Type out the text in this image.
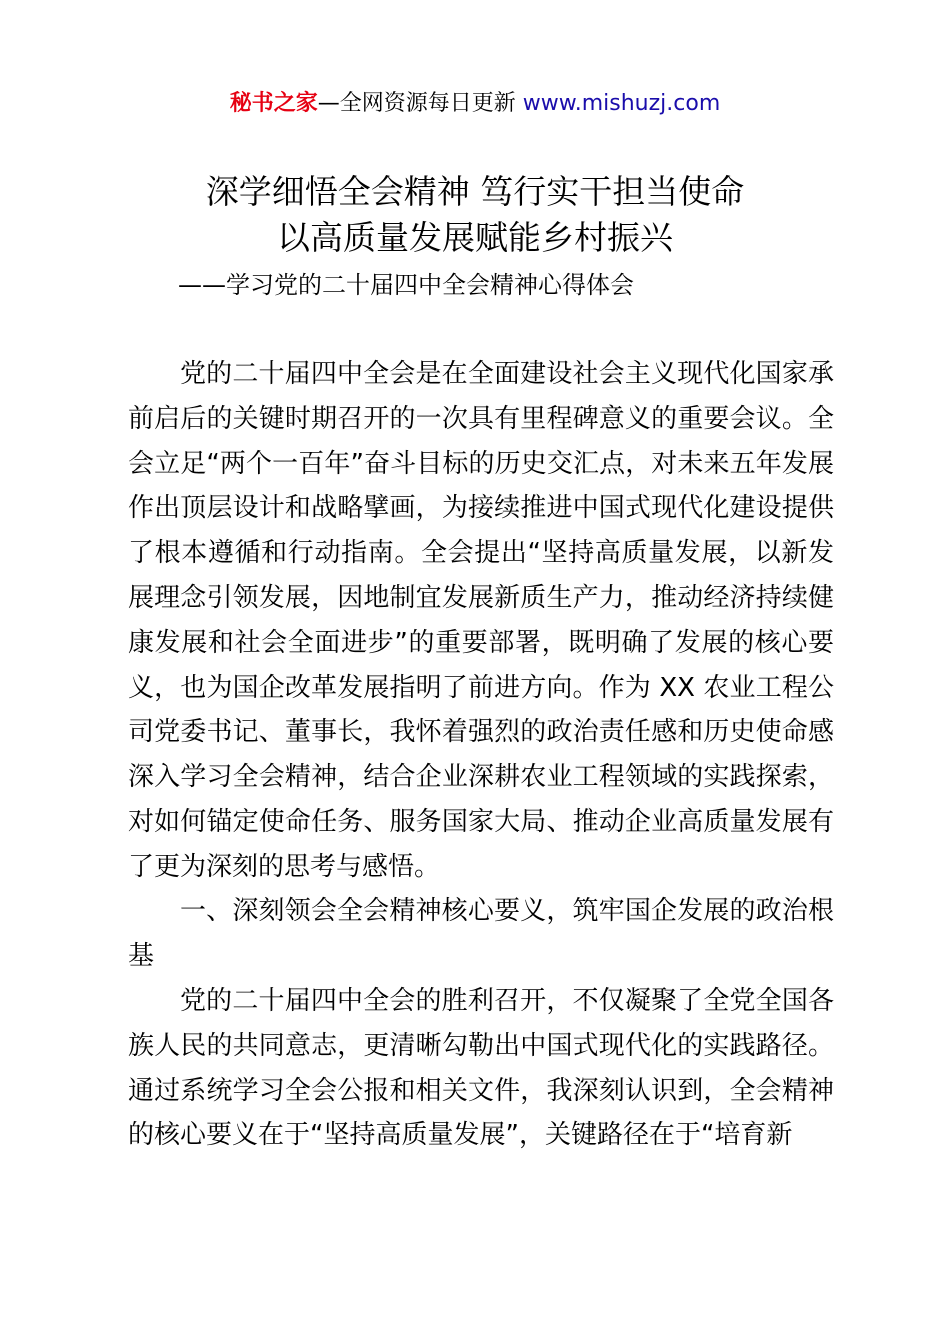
秘书之家—全网资源每日更新 www.mishuzj.com
深学细悟全会精神 笃行实干担当使命
以高质量发展赋能乡村振兴
——学习党的二十届四中全会精神心得体会

党的二十届四中全会是在全面建设社会主义现代化国家承前启后的关键时期召开的一次具有里程碑意义的重要会议。全会立足“两个一百年”奋斗目标的历史交汇点，对未来五年发展作出顶层设计和战略擘画，为接续推进中国式现代化建设提供了根本遵循和行动指南。全会提出“坚持高质量发展，以新发展理念引领发展，因地制宜发展新质生产力，推动经济持续健康发展和社会全面进步”的重要部署，既明确了发展的核心要义，也为国企改革发展指明了前进方向。作为 XX 农业工程公司党委书记、董事长，我怀着强烈的政治责任感和历史使命感深入学习全会精神，结合企业深耕农业工程领域的实践探索，对如何锚定使命任务、服务国家大局、推动企业高质量发展有了更为深刻的思考与感悟。

一、深刻领会全会精神核心要义，筑牢国企发展的政治根基

党的二十届四中全会的胜利召开，不仅凝聚了全党全国各族人民的共同意志，更清晰勾勒出中国式现代化的实践路径。通过系统学习全会公报和相关文件，我深刻认识到，全会精神的核心要义在于“坚持高质量发展”，关键路径在于“培育新
